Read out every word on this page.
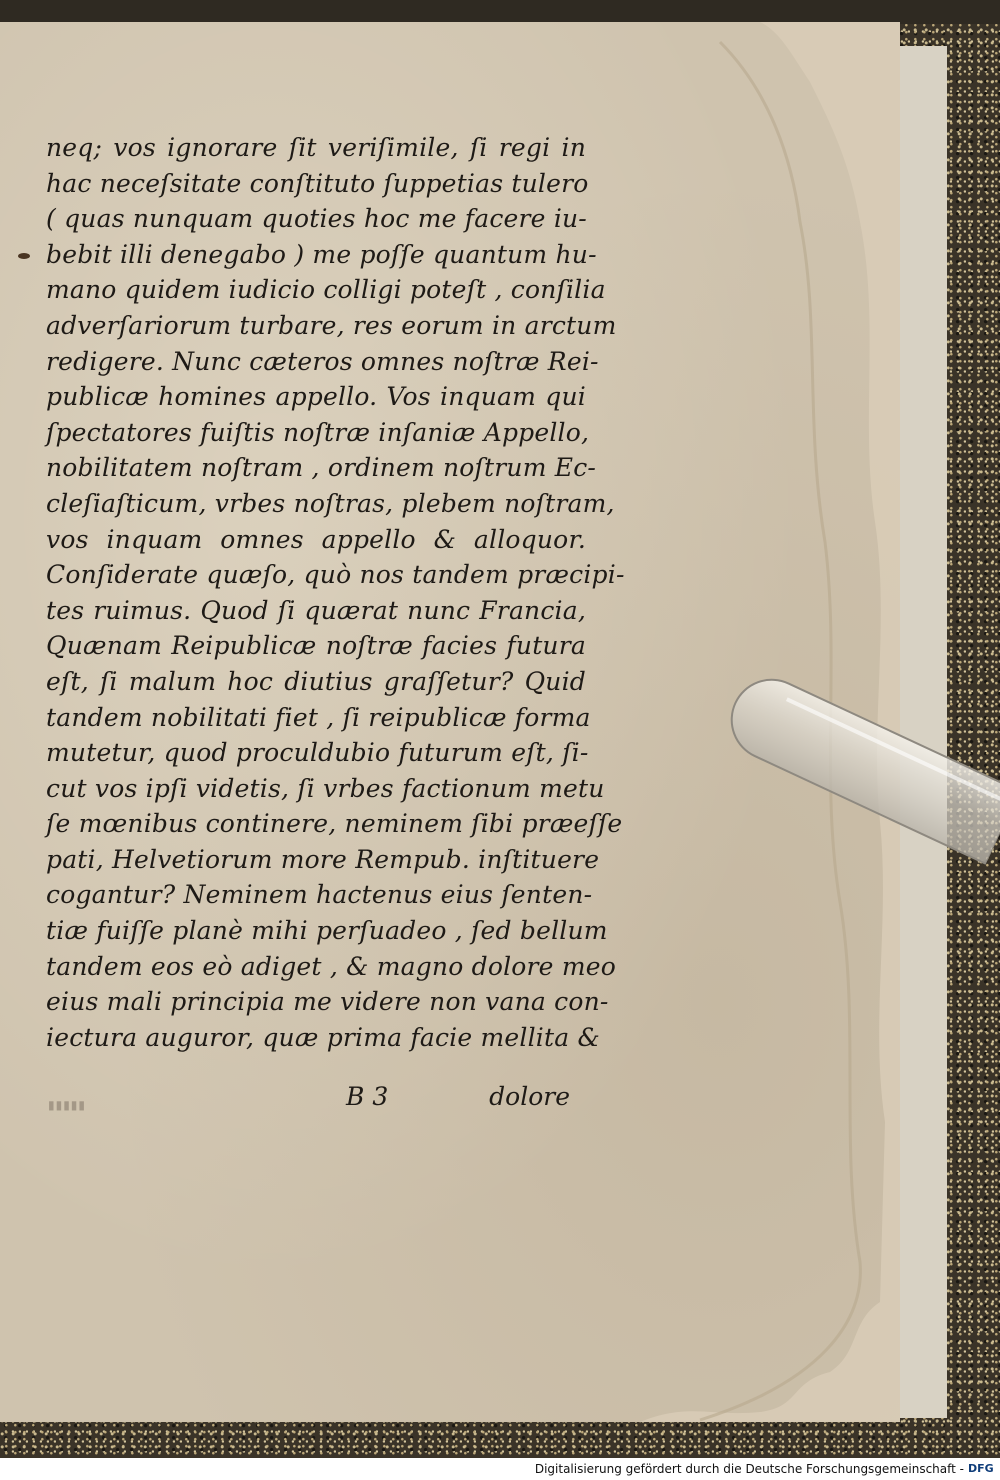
neq; vos ignorare ſit veriſimile, ſi regi in
hac neceſsitate conſtituto ſuppetias tulero
( quas nunquam quoties hoc me facere iu-
bebit illi denegabo ) me poſſe quantum hu-
mano quidem iudicio colligi poteſt , conſilia
adverſariorum turbare, res eorum in arctum
redigere. Nunc cæteros omnes noſtræ Rei-
publicæ homines appello. Vos inquam qui
ſpectatores fuiſtis noſtræ inſaniæ Appello,
nobilitatem noſtram , ordinem noſtrum Ec-
cleſiaſticum, vrbes noſtras, plebem noſtram,
vos inquam omnes appello & alloquor.
Conſiderate quæſo, quò nos tandem præcipi-
tes ruimus. Quod ſi quærat nunc Francia,
Quænam Reipublicæ noſtræ facies futura
eſt, ſi malum hoc diutius graſſetur? Quid
tandem nobilitati fiet , ſi reipublicæ forma
mutetur, quod proculdubio futurum eſt, ſi-
cut vos ipſi videtis, ſi vrbes factionum metu
ſe mœnibus continere, neminem ſibi præeſſe
pati, Helvetiorum more Rempub. inſtituere
cogantur? Neminem hactenus eius ſenten-
tiæ fuiſſe planè mihi perſuadeo , ſed bellum
tandem eos eò adiget , & magno dolore meo
eius mali principia me videre non vana con-
iectura auguror, quæ prima facie mellita &
▮▮▮▮▮	B 3	dolore
Digitalisierung gefördert durch die Deutsche Forschungsgemeinschaft - DFG
